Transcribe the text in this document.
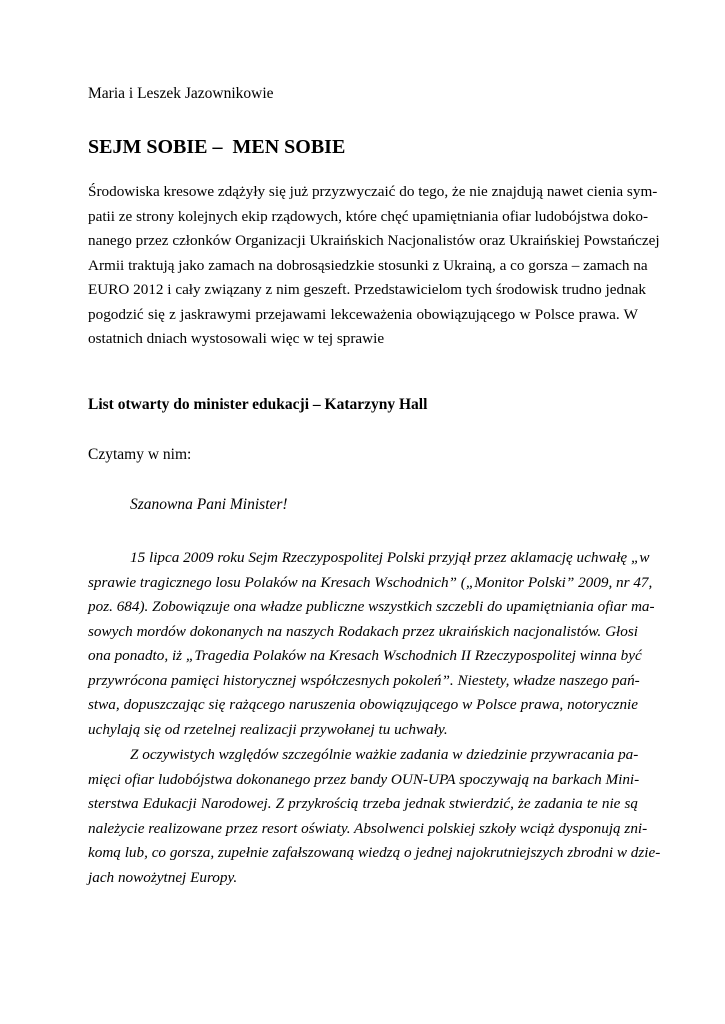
Maria i Leszek Jazownikowie

SEJM SOBIE –  MEN SOBIE
Środowiska kresowe zdążyły się już przyzwyczaić do tego, że nie znajdują nawet cienia sym-
patii ze strony kolejnych ekip rządowych, które chęć upamiętniania ofiar ludobójstwa doko-
nanego przez członków Organizacji Ukraińskich Nacjonalistów oraz Ukraińskiej Powstańczej
Armii traktują jako zamach na dobrosąsiedzkie stosunki z Ukrainą, a co gorsza – zamach na
EURO 2012 i cały związany z nim geszeft. Przedstawicielom tych środowisk trudno jednak
pogodzić się z jaskrawymi przejawami lekceważenia obowiązującego w Polsce prawa. W
ostatnich dniach wystosowali więc w tej sprawie

List otwarty do minister edukacji – Katarzyny Hall

Czytamy w nim:

Szanowna Pani Minister!

15 lipca 2009 roku Sejm Rzeczypospolitej Polski przyjął przez aklamację uchwałę „w
sprawie tragicznego losu Polaków na Kresach Wschodnich” („Monitor Polski” 2009, nr 47,
poz. 684). Zobowiązuje ona władze publiczne wszystkich szczebli do upamiętniania ofiar ma-
sowych mordów dokonanych na naszych Rodakach przez ukraińskich nacjonalistów. Głosi
ona ponadto, iż „Tragedia Polaków na Kresach Wschodnich II Rzeczypospolitej winna być
przywrócona pamięci historycznej współczesnych pokoleń”. Niestety, władze naszego pań-
stwa, dopuszczając się rażącego naruszenia obowiązującego w Polsce prawa, notorycznie
uchylają się od rzetelnej realizacji przywołanej tu uchwały.
Z oczywistych względów szczególnie ważkie zadania w dziedzinie przywracania pa-
mięci ofiar ludobójstwa dokonanego przez bandy OUN-UPA spoczywają na barkach Mini-
sterstwa Edukacji Narodowej. Z przykrością trzeba jednak stwierdzić, że zadania te nie są
należycie realizowane przez resort oświaty. Absolwenci polskiej szkoły wciąż dysponują zni-
komą lub, co gorsza, zupełnie zafałszowaną wiedzą o jednej najokrutniejszych zbrodni w dzie-
jach nowożytnej Europy.
